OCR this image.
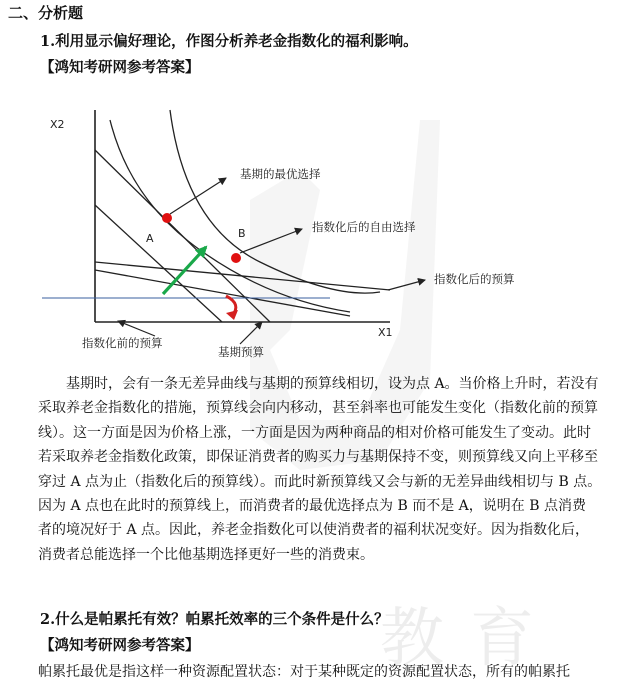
教 育
二、分析题
1.利用显示偏好理论，作图分析养老金指数化的福利影响。
【鸿知考研网参考答案】
X2
X1
A	B
基期的最优选择
指数化后的自由选择
指数化后的预算
指数化前的预算
基期预算
基期时，会有一条无差异曲线与基期的预算线相切，设为点 A。当价格上升时，若没有
采取养老金指数化的措施，预算线会向内移动，甚至斜率也可能发生变化（指数化前的预算
线）。这一方面是因为价格上涨，一方面是因为两种商品的相对价格可能发生了变动。此时
若采取养老金指数化政策，即保证消费者的购买力与基期保持不变，则预算线又向上平移至
穿过 A 点为止（指数化后的预算线）。而此时新预算线又会与新的无差异曲线相切与 B 点。
因为 A 点也在此时的预算线上，而消费者的最优选择点为 B 而不是 A，说明在 B 点消费
者的境况好于 A 点。因此，养老金指数化可以使消费者的福利状况变好。因为指数化后，
消费者总能选择一个比他基期选择更好一些的消费束。
2.什么是帕累托有效？帕累托效率的三个条件是什么？
【鸿知考研网参考答案】
帕累托最优是指这样一种资源配置状态：对于某种既定的资源配置状态，所有的帕累托
